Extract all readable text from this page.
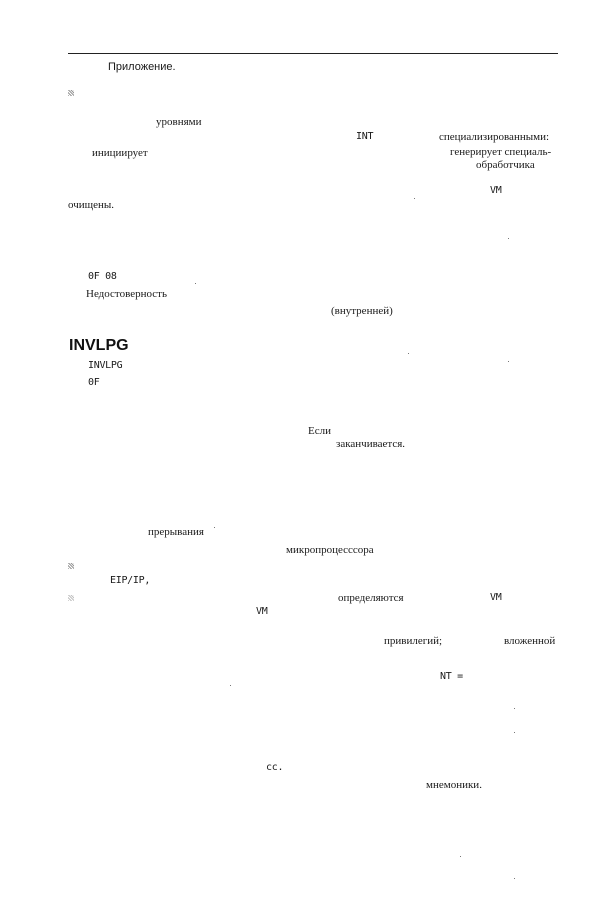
Приложение.
уровнями
INT	специализированными:
инициирует	генерирует специаль-
обработчика
VM
очищены.
0F 08
Недостоверность
(внутренней)
INVLPG
INVLPG
0F
Если
заканчивается.
прерывания
микропроцесссора
EIP/IP,
определяются	VM
VM
привилегий;	вложенной
NT =
cc.
мнемоники.
